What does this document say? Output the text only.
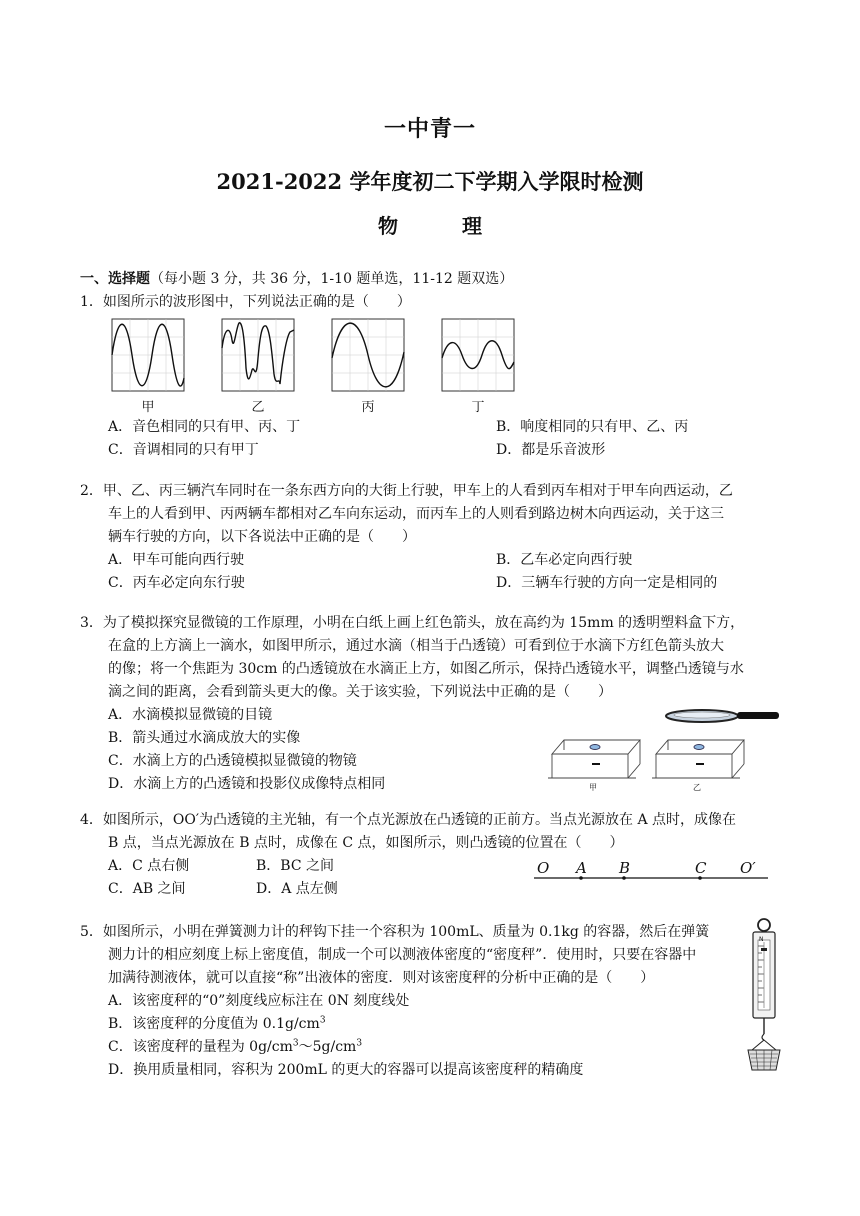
一中青一
2021-2022 学年度初二下学期入学限时检测
物　理
一、选择题（每小题 3 分，共 36 分，1-10 题单选，11-12 题双选）
1．如图所示的波形图中，下列说法正确的是（　　）
甲	乙	丙	丁
A．音色相同的只有甲、丙、丁	B．响度相同的只有甲、乙、丙
C．音调相同的只有甲丁	D．都是乐音波形
2．甲、乙、丙三辆汽车同时在一条东西方向的大街上行驶，甲车上的人看到丙车相对于甲车向西运动，乙
车上的人看到甲、丙两辆车都相对乙车向东运动，而丙车上的人则看到路边树木向西运动，关于这三
辆车行驶的方向，以下各说法中正确的是（　　）
A．甲车可能向西行驶	B．乙车必定向西行驶
C．丙车必定向东行驶	D．三辆车行驶的方向一定是相同的
3．为了模拟探究显微镜的工作原理，小明在白纸上画上红色箭头，放在高约为 15mm 的透明塑料盒下方，
在盒的上方滴上一滴水，如图甲所示，通过水滴（相当于凸透镜）可看到位于水滴下方红色箭头放大
的像；将一个焦距为 30cm 的凸透镜放在水滴正上方，如图乙所示，保持凸透镜水平，调整凸透镜与水
滴之间的距离，会看到箭头更大的像。关于该实验，下列说法中正确的是（　　）
A．水滴模拟显微镜的目镜
B．箭头通过水滴成放大的实像
C．水滴上方的凸透镜模拟显微镜的物镜
D．水滴上方的凸透镜和投影仪成像特点相同	甲	乙
4．如图所示，OO′为凸透镜的主光轴，有一个点光源放在凸透镜的正前方。当点光源放在 A 点时，成像在
B 点，当点光源放在 B 点时，成像在 C 点，如图所示，则凸透镜的位置在（　　）
A．C 点右侧	B．BC 之间
C．AB 之间	D．A 点左侧
O A B	C O′
5．如图所示，小明在弹簧测力计的秤钩下挂一个容积为 100mL、质量为 0.1kg 的容器，然后在弹簧
测力计的相应刻度上标上密度值，制成一个可以测液体密度的“密度秤”．使用时，只要在容器中
加满待测液体，就可以直接“称”出液体的密度．则对该密度秤的分析中正确的是（　　）
A．该密度秤的“0”刻度线应标注在 0N 刻度线处
B．该密度秤的分度值为 $0.1g/cm^3$
C．该密度秤的量程为 $0g/cm^3\sim 5g/cm^3$
D．换用质量相同，容积为 200mL 的更大的容器可以提高该密度秤的精确度
N
